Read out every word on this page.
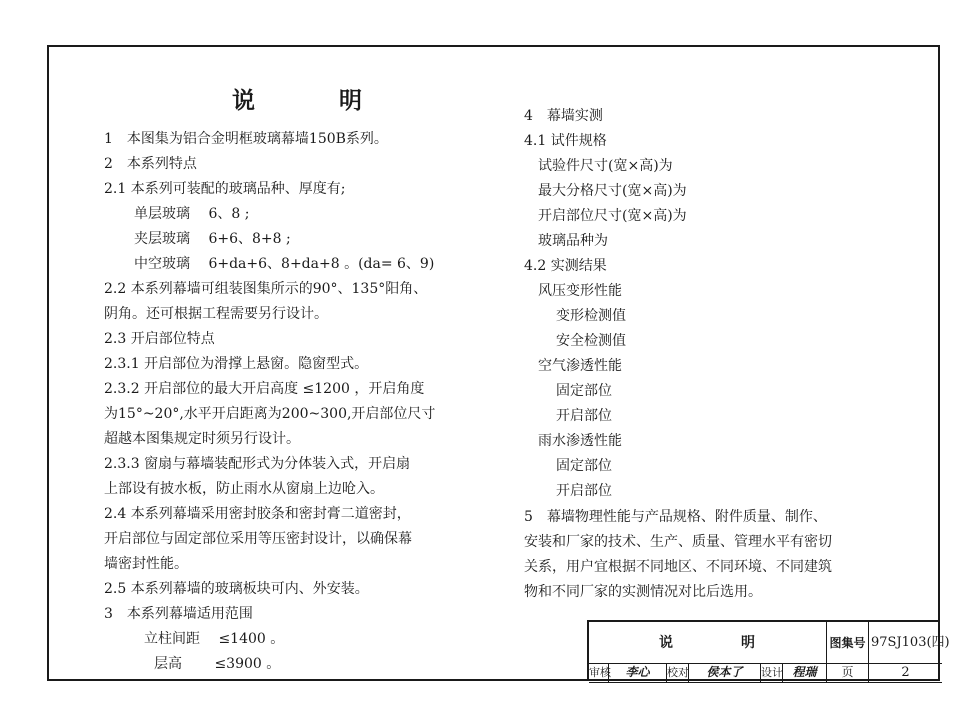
说 明
1　本图集为铝合金明框玻璃幕墙150B系列。
2　本系列特点
2.1 本系列可装配的玻璃品种、厚度有;
单层玻璃　 6、8 ;
夹层玻璃　 6+6、8+8 ;
中空玻璃　 6+da+6、8+da+8 。(da= 6、9)
2.2 本系列幕墙可组装图集所示的90°、135°阳角、
阴角。还可根据工程需要另行设计。
2.3 开启部位特点
2.3.1 开启部位为滑撑上悬窗。隐窗型式。
2.3.2 开启部位的最大开启高度 ≤1200 ，开启角度
为15°~20°,水平开启距离为200~300,开启部位尺寸
超越本图集规定时须另行设计。
2.3.3 窗扇与幕墙装配形式为分体装入式，开启扇
上部设有披水板，防止雨水从窗扇上边呛入。
2.4 本系列幕墙采用密封胶条和密封膏二道密封，
开启部位与固定部位采用等压密封设计，以确保幕
墙密封性能。
2.5 本系列幕墙的玻璃板块可内、外安装。
3　本系列幕墙适用范围
立柱间距　 ≤1400 。
层高　　 ≤3900 。
4　幕墙实测
4.1 试件规格
试验件尺寸(宽×高)为
最大分格尺寸(宽×高)为
开启部位尺寸(宽×高)为
玻璃品种为
4.2 实测结果
风压变形性能
变形检测值
安全检测值
空气渗透性能
固定部位
开启部位
雨水渗透性能
固定部位
开启部位
5　幕墙物理性能与产品规格、附件质量、制作、
安装和厂家的技术、生产、质量、管理水平有密切
关系，用户宜根据不同地区、不同环境、不同建筑
物和不同厂家的实测情况对比后选用。
说	明	图集号 97SJ103(四)
审核	李心	校对	侯本了	设计 程瑞	页	2
